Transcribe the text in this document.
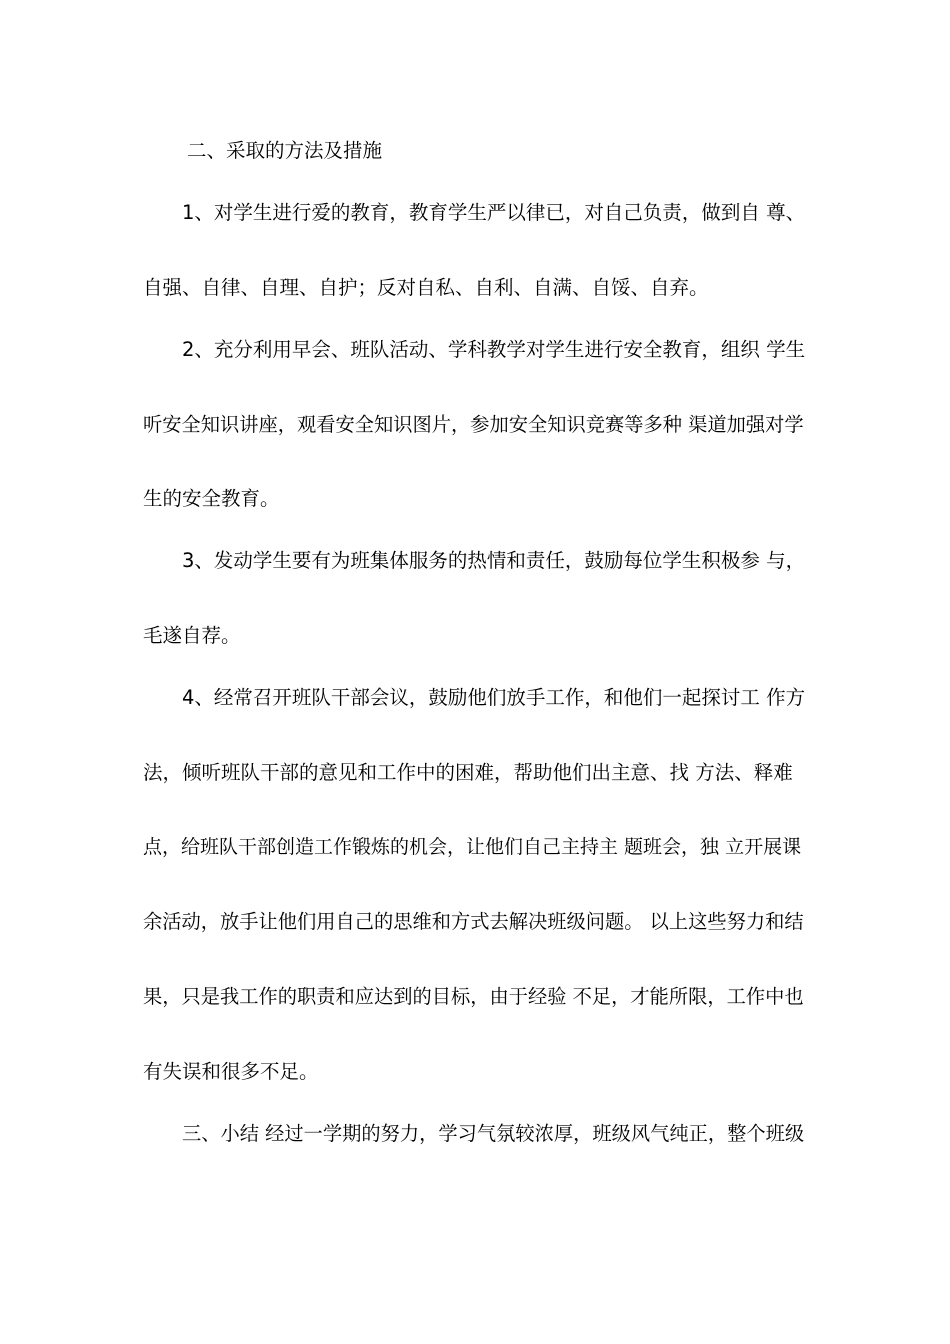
二、采取的方法及措施
1、对学生进行爱的教育，教育学生严以律已，对自己负责，做到自 尊、
自强、自律、自理、自护；反对自私、自利、自满、自馁、自弃。
2、充分利用早会、班队活动、学科教学对学生进行安全教育，组织 学生
听安全知识讲座，观看安全知识图片，参加安全知识竞赛等多种 渠道加强对学
生的安全教育。
3、发动学生要有为班集体服务的热情和责任，鼓励每位学生积极参 与，
毛遂自荐。
4、经常召开班队干部会议，鼓励他们放手工作，和他们一起探讨工 作方
法，倾听班队干部的意见和工作中的困难，帮助他们出主意、找 方法、释难
点，给班队干部创造工作锻炼的机会，让他们自己主持主 题班会，独 立开展课
余活动，放手让他们用自己的思维和方式去解决班级问题。 以上这些努力和结
果，只是我工作的职责和应达到的目标，由于经验 不足，才能所限，工作中也
有失误和很多不足。
三、小结 经过一学期的努力，学习气氛较浓厚，班级风气纯正，整个班级
